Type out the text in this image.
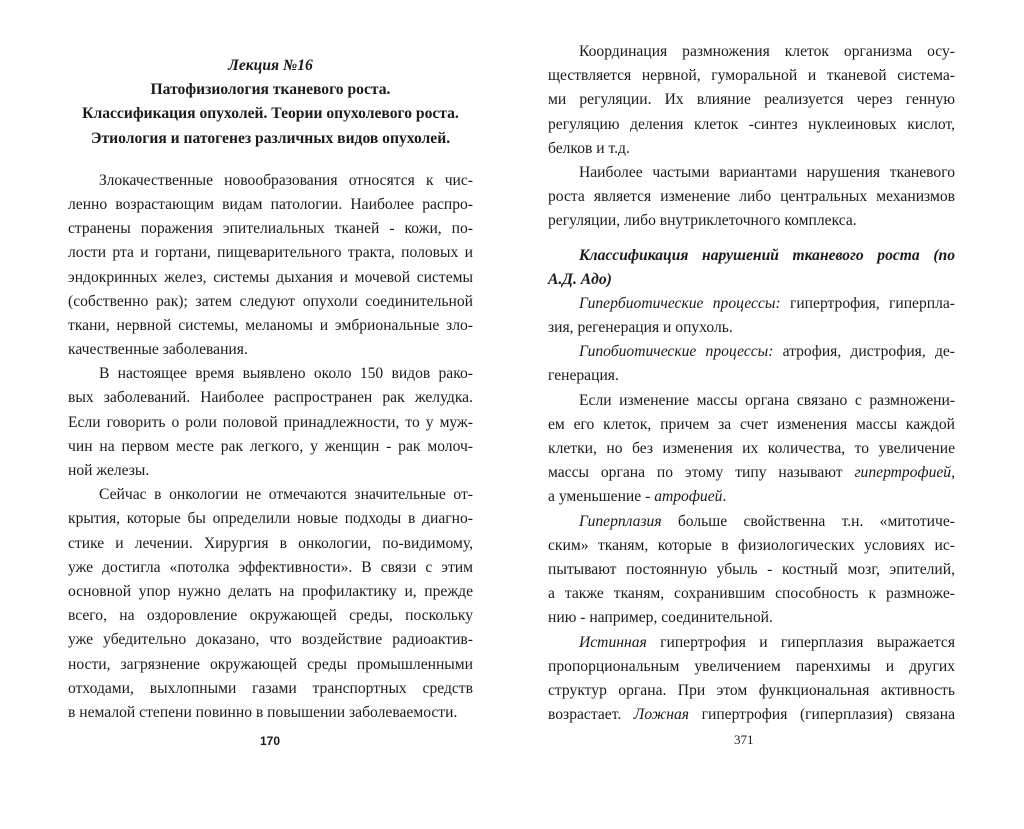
Лекция №16
Патофизиология тканевого роста.
Классификация опухолей. Теории опухолевого роста.
Этиология и патогенез различных видов опухолей.
Злокачественные новообразования относятся к чис-
ленно возрастающим видам патологии. Наиболее распро-
странены поражения эпителиальных тканей - кожи, по-
лости рта и гортани, пищеварительного тракта, половых и
эндокринных желез, системы дыхания и мочевой системы
(собственно рак); затем следуют опухоли соединительной
ткани, нервной системы, меланомы и эмбриональные зло-
качественные заболевания.
В настоящее время выявлено около 150 видов рако-
вых заболеваний. Наиболее распространен рак желудка.
Если говорить о роли половой принадлежности, то у муж-
чин на первом месте рак легкого, у женщин - рак молоч-
ной железы.
Сейчас в онкологии не отмечаются значительные от-
крытия, которые бы определили новые подходы в диагно-
стике и лечении. Хирургия в онкологии, по-видимому,
уже достигла «потолка эффективности». В связи с этим
основной упор нужно делать на профилактику и, прежде
всего, на оздоровление окружающей среды, поскольку
уже убедительно доказано, что воздействие радиоактив-
ности, загрязнение окружающей среды промышленными
отходами, выхлопными газами транспортных средств
в немалой степени повинно в повышении заболеваемости.
Координация размножения клеток организма осу-
ществляется нервной, гуморальной и тканевой система-
ми регуляции. Их влияние реализуется через генную
регуляцию деления клеток -синтез нуклеиновых кислот,
белков и т.д.
Наиболее частыми вариантами нарушения тканевого
роста является изменение либо центральных механизмов
регуляции, либо внутриклеточного комплекса.
Классификация нарушений тканевого роста (по
А.Д. Адо)
Гипербиотические процессы: гипертрофия, гиперпла-
зия, регенерация и опухоль.
Гипобиотические процессы: атрофия, дистрофия, де-
генерация.
Если изменение массы органа связано с размножени-
ем его клеток, причем за счет изменения массы каждой
клетки, но без изменения их количества, то увеличение
массы органа по этому типу называют гипертрофией,
а уменьшение - атрофией.
Гиперплазия больше свойственна т.н. «митотиче-
ским» тканям, которые в физиологических условиях ис-
пытывают постоянную убыль - костный мозг, эпителий,
а также тканям, сохранившим способность к размноже-
нию - например, соединительной.
Истинная гипертрофия и гиперплазия выражается
пропорциональным увеличением паренхимы и других
структур органа. При этом функциональная активность
возрастает. Ложная гипертрофия (гиперплазия) связана
170	371
